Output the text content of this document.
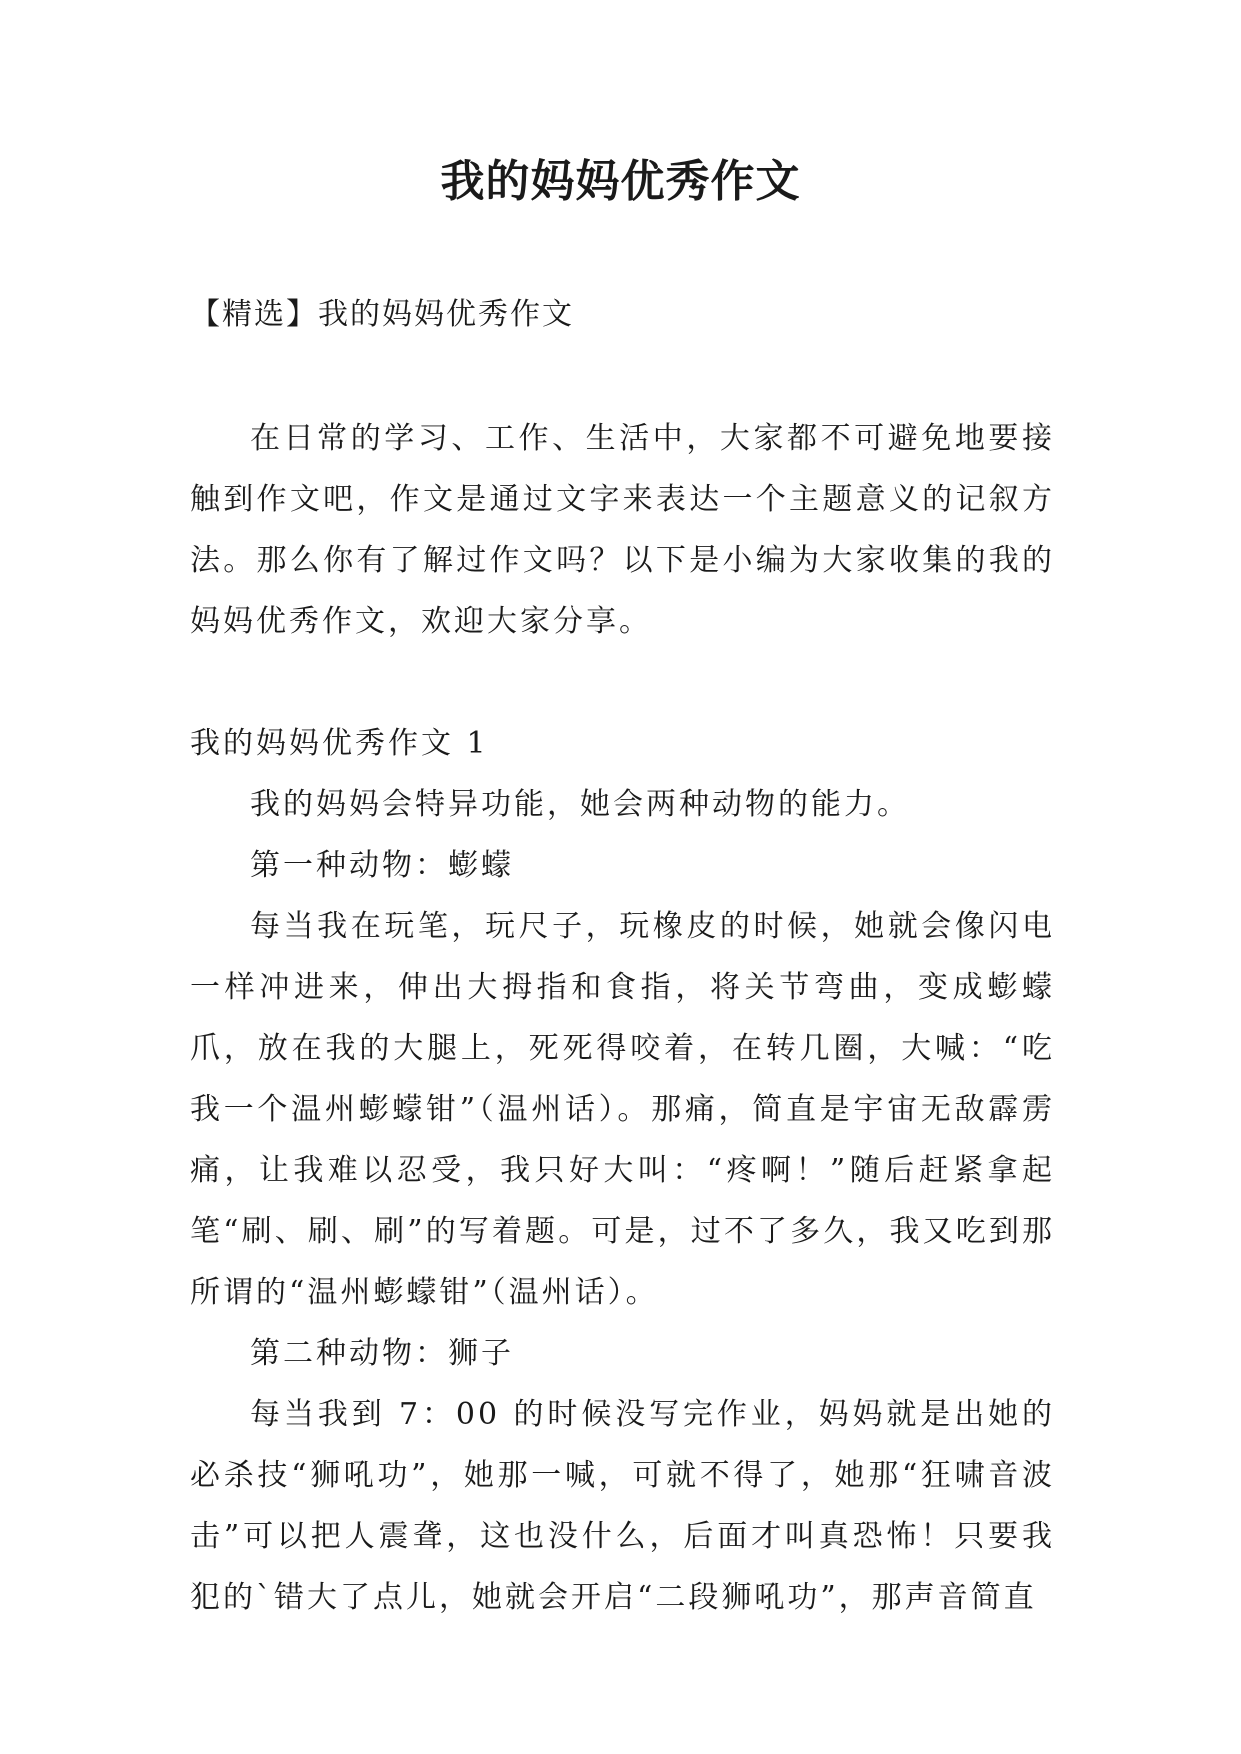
我的妈妈优秀作文

【精选】我的妈妈优秀作文

在日常的学习、工作、生活中，大家都不可避免地要接触到作文吧，作文是通过文字来表达一个主题意义的记叙方法。那么你有了解过作文吗？以下是小编为大家收集的我的妈妈优秀作文，欢迎大家分享。

我的妈妈优秀作文 1

我的妈妈会特异功能，她会两种动物的能力。

第一种动物：蟛蠓

每当我在玩笔，玩尺子，玩橡皮的时候，她就会像闪电一样冲进来，伸出大拇指和食指，将关节弯曲，变成蟛蠓爪，放在我的大腿上，死死得咬着，在转几圈，大喊：“吃我一个温州蟛蠓钳”（温州话）。那痛，简直是宇宙无敌霹雳痛，让我难以忍受，我只好大叫：“疼啊！”随后赶紧拿起笔“刷、刷、刷”的写着题。可是，过不了多久，我又吃到那所谓的“温州蟛蠓钳”（温州话）。

第二种动物：狮子

每当我到 7：00 的时候没写完作业，妈妈就是出她的必杀技“狮吼功”，她那一喊，可就不得了，她那“狂啸音波击”可以把人震聋，这也没什么，后面才叫真恐怖！只要我犯的`错大了点儿，她就会开启“二段狮吼功”，那声音简直
